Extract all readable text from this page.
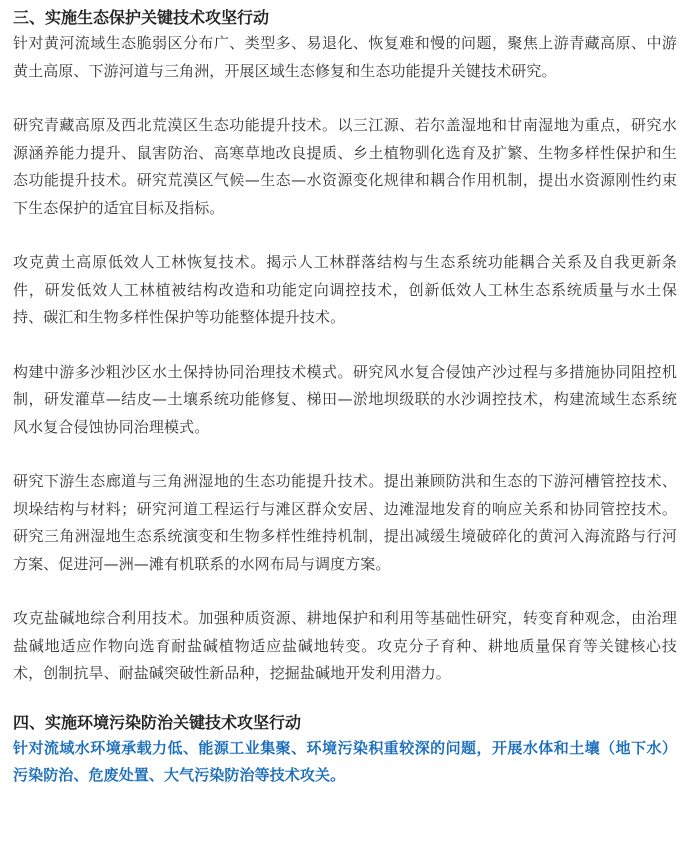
三、实施生态保护关键技术攻坚行动

针对黄河流域生态脆弱区分布广、类型多、易退化、恢复难和慢的问题，聚焦上游青藏高原、中游黄土高原、下游河道与三角洲，开展区域生态修复和生态功能提升关键技术研究。

研究青藏高原及西北荒漠区生态功能提升技术。以三江源、若尔盖湿地和甘南湿地为重点，研究水源涵养能力提升、鼠害防治、高寒草地改良提质、乡土植物驯化选育及扩繁、生物多样性保护和生态功能提升技术。研究荒漠区气候—生态—水资源变化规律和耦合作用机制，提出水资源刚性约束下生态保护的适宜目标及指标。

攻克黄土高原低效人工林恢复技术。揭示人工林群落结构与生态系统功能耦合关系及自我更新条件，研发低效人工林植被结构改造和功能定向调控技术，创新低效人工林生态系统质量与水土保持、碳汇和生物多样性保护等功能整体提升技术。

构建中游多沙粗沙区水土保持协同治理技术模式。研究风水复合侵蚀产沙过程与多措施协同阻控机制，研发灌草—结皮—土壤系统功能修复、梯田—淤地坝级联的水沙调控技术，构建流域生态系统风水复合侵蚀协同治理模式。

研究下游生态廊道与三角洲湿地的生态功能提升技术。提出兼顾防洪和生态的下游河槽管控技术、坝垛结构与材料；研究河道工程运行与滩区群众安居、边滩湿地发育的响应关系和协同管控技术。研究三角洲湿地生态系统演变和生物多样性维持机制，提出减缓生境破碎化的黄河入海流路与行河方案、促进河—洲—滩有机联系的水网布局与调度方案。

攻克盐碱地综合利用技术。加强种质资源、耕地保护和利用等基础性研究，转变育种观念，由治理盐碱地适应作物向选育耐盐碱植物适应盐碱地转变。攻克分子育种、耕地质量保育等关键核心技术，创制抗旱、耐盐碱突破性新品种，挖掘盐碱地开发利用潜力。

四、实施环境污染防治关键技术攻坚行动

针对流域水环境承载力低、能源工业集聚、环境污染积重较深的问题，开展水体和土壤（地下水）污染防治、危废处置、大气污染防治等技术攻关。
